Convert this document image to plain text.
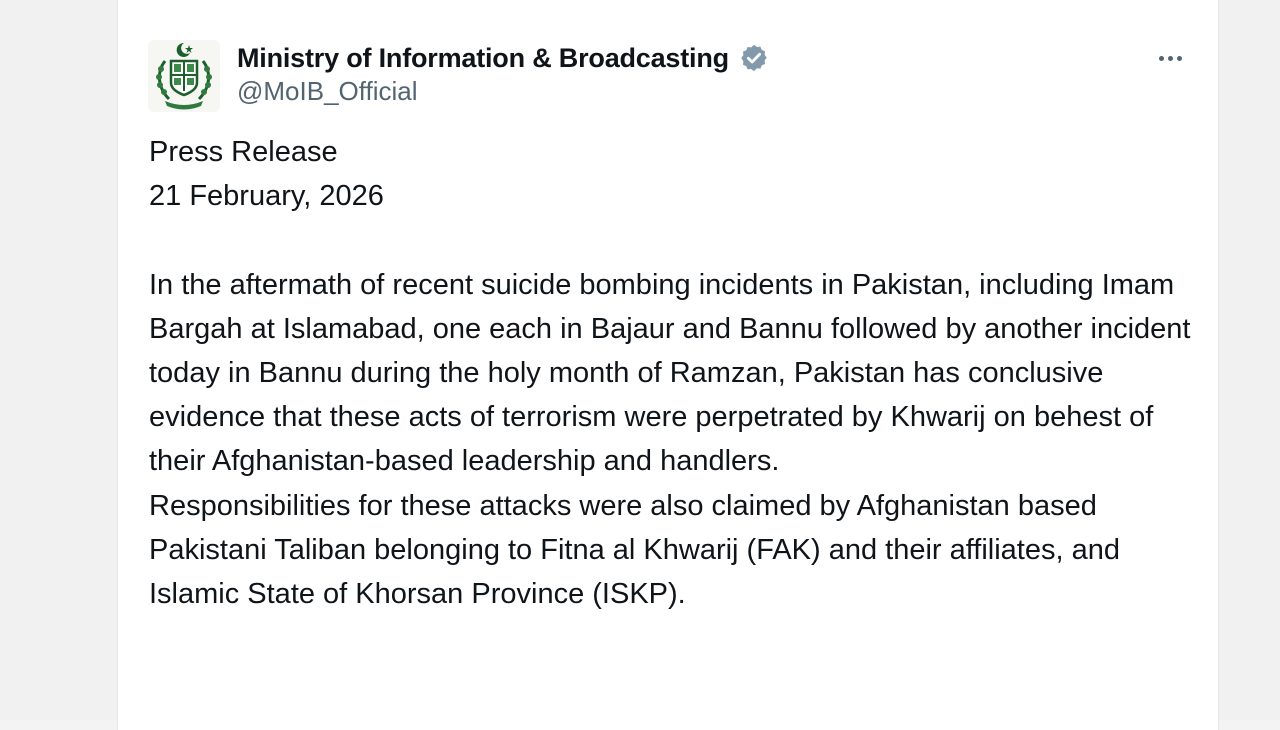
Ministry of Information & Broadcasting
@MoIB_Official

Press Release

21 February, 2026

In the aftermath of recent suicide bombing incidents in Pakistan, including Imam Bargah at Islamabad, one each in Bajaur and Bannu followed by another incident today in Bannu during the holy month of Ramzan, Pakistan has conclusive evidence that these acts of terrorism were perpetrated by Khwarij on behest of their Afghanistan-based leadership and handlers.

Responsibilities for these attacks were also claimed by Afghanistan based Pakistani Taliban belonging to Fitna al Khwarij (FAK) and their affiliates, and Islamic State of Khorsan Province (ISKP).
